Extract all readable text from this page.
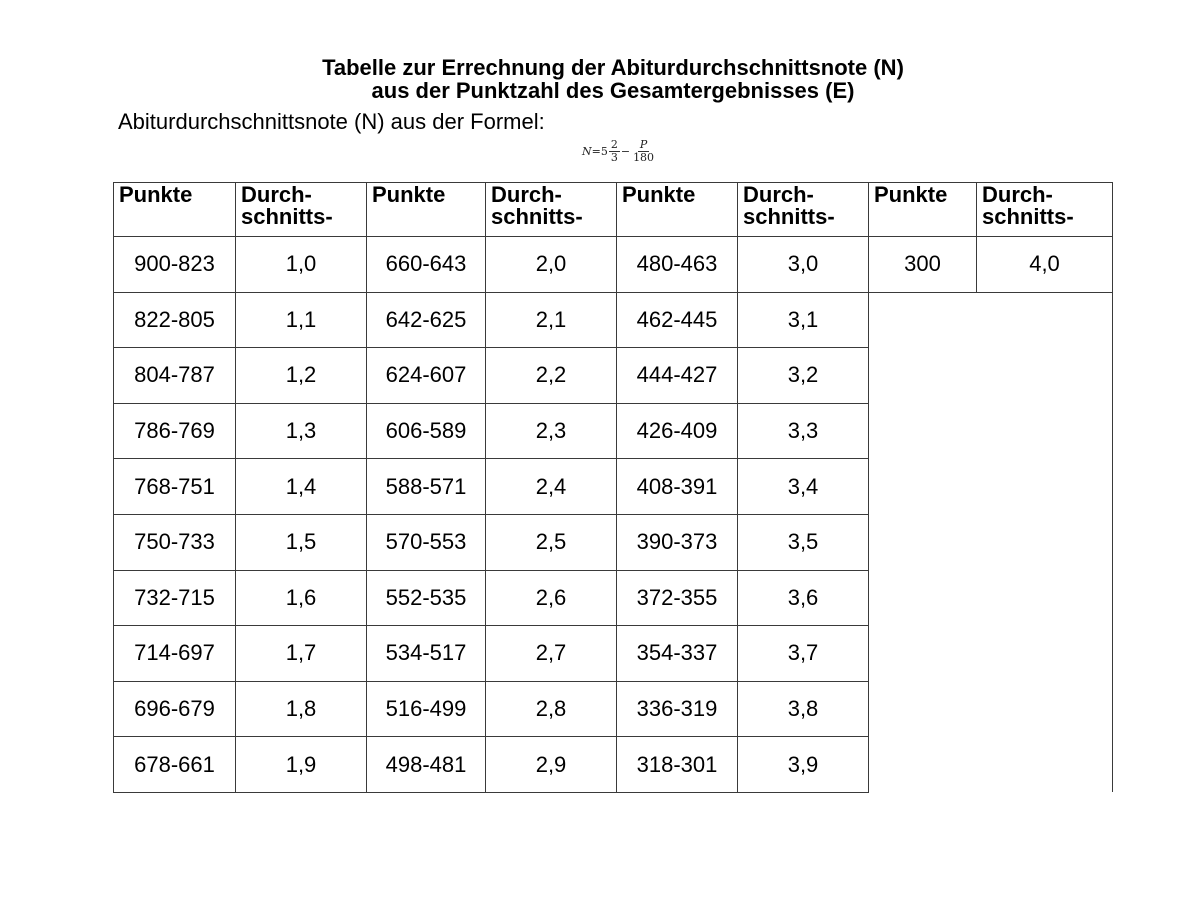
Tabelle zur Errechnung der Abiturdurchschnittsnote (N)
aus der Punktzahl des Gesamtergebnisses (E)
Abiturdurchschnittsnote (N) aus der Formel:
$N = 5 \frac{2}{3} - \frac{P}{180}$
Punkte	Durch-
schnitts-	Punkte	Durch-
schnitts-	Punkte	Durch-
schnitts-	Punkte	Durch-
schnitts-
900-823	1,0	660-643	2,0	480-463	3,0	300	4,0
822-805	1,1	642-625	2,1	462-445	3,1		
804-787	1,2	624-607	2,2	444-427	3,2		
786-769	1,3	606-589	2,3	426-409	3,3		
768-751	1,4	588-571	2,4	408-391	3,4		
750-733	1,5	570-553	2,5	390-373	3,5		
732-715	1,6	552-535	2,6	372-355	3,6		
714-697	1,7	534-517	2,7	354-337	3,7		
696-679	1,8	516-499	2,8	336-319	3,8		
678-661	1,9	498-481	2,9	318-301	3,9		
